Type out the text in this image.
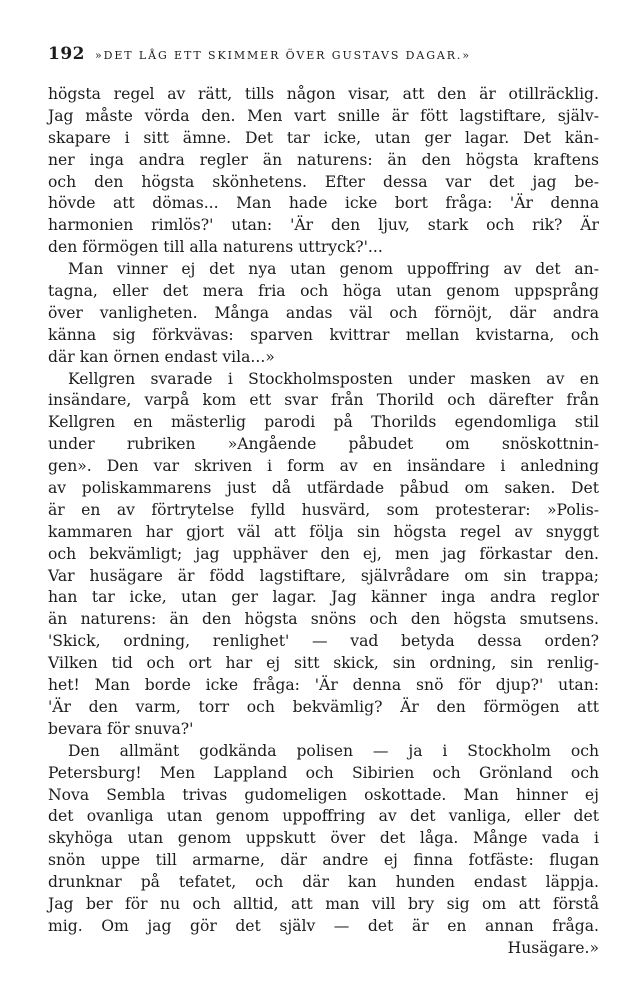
192 »DET LÅG ETT SKIMMER ÖVER GUSTAVS DAGAR.»
högsta regel av rätt, tills någon visar, att den är otillräcklig.
Jag måste vörda den. Men vart snille är fött lagstiftare, själv-
skapare i sitt ämne. Det tar icke, utan ger lagar. Det kän-
ner inga andra regler än naturens: än den högsta kraftens
och den högsta skönhetens. Efter dessa var det jag be-
hövde att dömas... Man hade icke bort fråga: 'Är denna
harmonien rimlös?' utan: 'Är den ljuv, stark och rik? Är
den förmögen till alla naturens uttryck?'...
Man vinner ej det nya utan genom uppoffring av det an-
tagna, eller det mera fria och höga utan genom uppsprång
över vanligheten. Många andas väl och förnöjt, där andra
känna sig förkvävas: sparven kvittrar mellan kvistarna, och
där kan örnen endast vila...»
Kellgren svarade i Stockholmsposten under masken av en
insändare, varpå kom ett svar från Thorild och därefter från
Kellgren en mästerlig parodi på Thorilds egendomliga stil
under rubriken »Angående påbudet om snöskottnin-
gen». Den var skriven i form av en insändare i anledning
av poliskammarens just då utfärdade påbud om saken. Det
är en av förtrytelse fylld husvärd, som protesterar: »Polis-
kammaren har gjort väl att följa sin högsta regel av snyggt
och bekvämligt; jag upphäver den ej, men jag förkastar den.
Var husägare är född lagstiftare, självrådare om sin trappa;
han tar icke, utan ger lagar. Jag känner inga andra reglor
än naturens: än den högsta snöns och den högsta smutsens.
'Skick, ordning, renlighet' — vad betyda dessa orden?
Vilken tid och ort har ej sitt skick, sin ordning, sin renlig-
het! Man borde icke fråga: 'Är denna snö för djup?' utan:
'Är den varm, torr och bekvämlig? Är den förmögen att
bevara för snuva?'
Den allmänt godkända polisen — ja i Stockholm och
Petersburg! Men Lappland och Sibirien och Grönland och
Nova Sembla trivas gudomeligen oskottade. Man hinner ej
det ovanliga utan genom uppoffring av det vanliga, eller det
skyhöga utan genom uppskutt över det låga. Månge vada i
snön uppe till armarne, där andre ej finna fotfäste: flugan
drunknar på tefatet, och där kan hunden endast läppja.
Jag ber för nu och alltid, att man vill bry sig om att förstå
mig. Om jag gör det själv — det är en annan fråga.
Husägare.»
